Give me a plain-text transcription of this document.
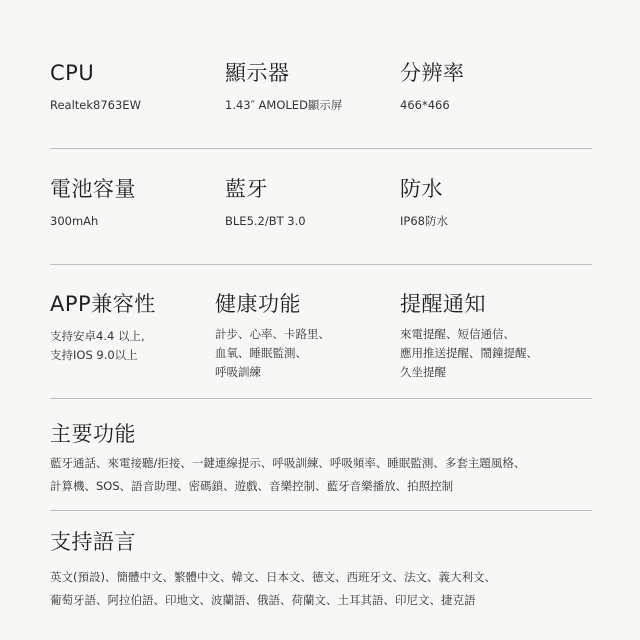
CPU
Realtek8763EW
顯示器
1.43″ AMOLED顯示屏
分辨率
466*466
電池容量
300mAh
藍牙
BLE5.2/BT 3.0
防水
IP68防水
APP兼容性
支持安卓4.4 以上,
支持IOS 9.0以上
健康功能
計步、心率、卡路里、
血氧、睡眠監測、
呼吸訓練
提醒通知
來電提醒、短信通信、
應用推送提醒、鬧鐘提醒、
久坐提醒
主要功能
藍牙通話、來電接聽/拒接、一鍵連線提示、呼吸訓練、呼吸頻率、睡眠監測、多套主題風格、
計算機、SOS、語音助理、密碼鎖、遊戲、音樂控制、藍牙音樂播放、拍照控制
支持語言
英文(預設)、簡體中文、繁體中文、韓文、日本文、德文、西班牙文、法文、義大利文、
葡萄牙語、阿拉伯語、印地文、波蘭語、俄語、荷蘭文、土耳其語、印尼文、捷克語
